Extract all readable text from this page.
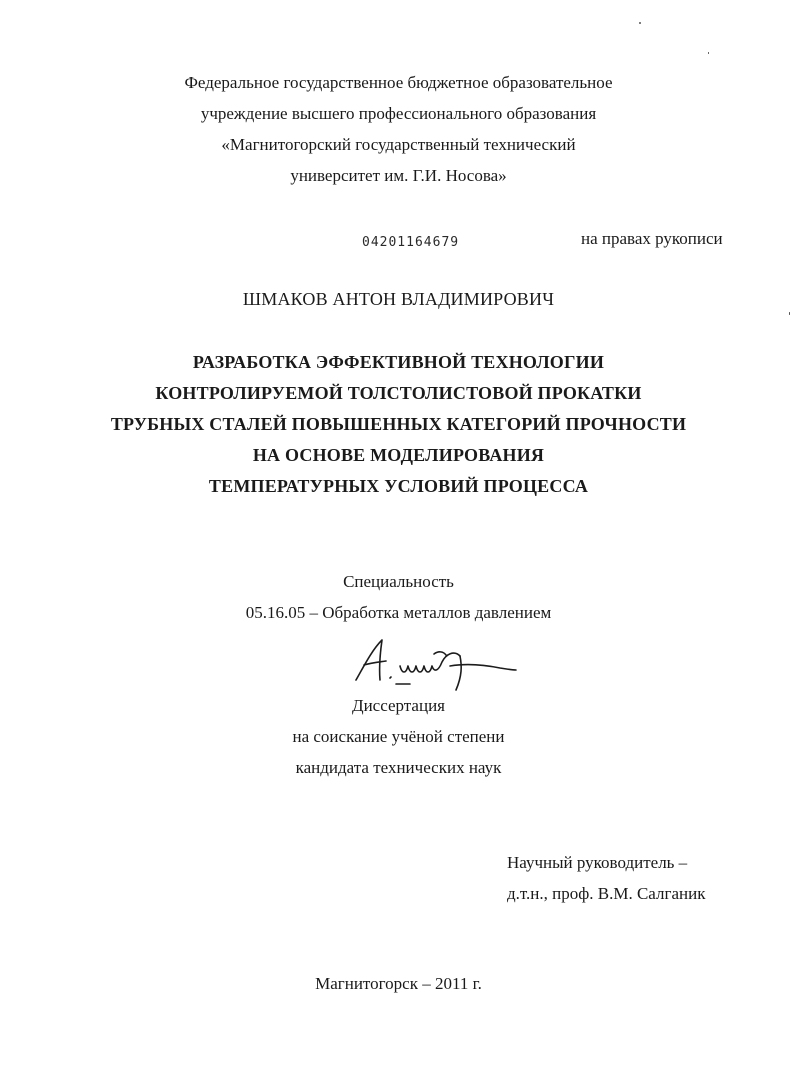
Федеральное государственное бюджетное образовательное
учреждение высшего профессионального образования
«Магнитогорский государственный технический
университет им. Г.И. Носова»
04201164679	на правах рукописи
ШМАКОВ АНТОН ВЛАДИМИРОВИЧ
РАЗРАБОТКА ЭФФЕКТИВНОЙ ТЕХНОЛОГИИ
КОНТРОЛИРУЕМОЙ ТОЛСТОЛИСТОВОЙ ПРОКАТКИ
ТРУБНЫХ СТАЛЕЙ ПОВЫШЕННЫХ КАТЕГОРИЙ ПРОЧНОСТИ
НА ОСНОВЕ МОДЕЛИРОВАНИЯ
ТЕМПЕРАТУРНЫХ УСЛОВИЙ ПРОЦЕССА
Специальность
05.16.05 – Обработка металлов давлением
Диссертация
на соискание учёной степени
кандидата технических наук
Научный руководитель –
д.т.н., проф. В.М. Салганик
Магнитогорск – 2011 г.
